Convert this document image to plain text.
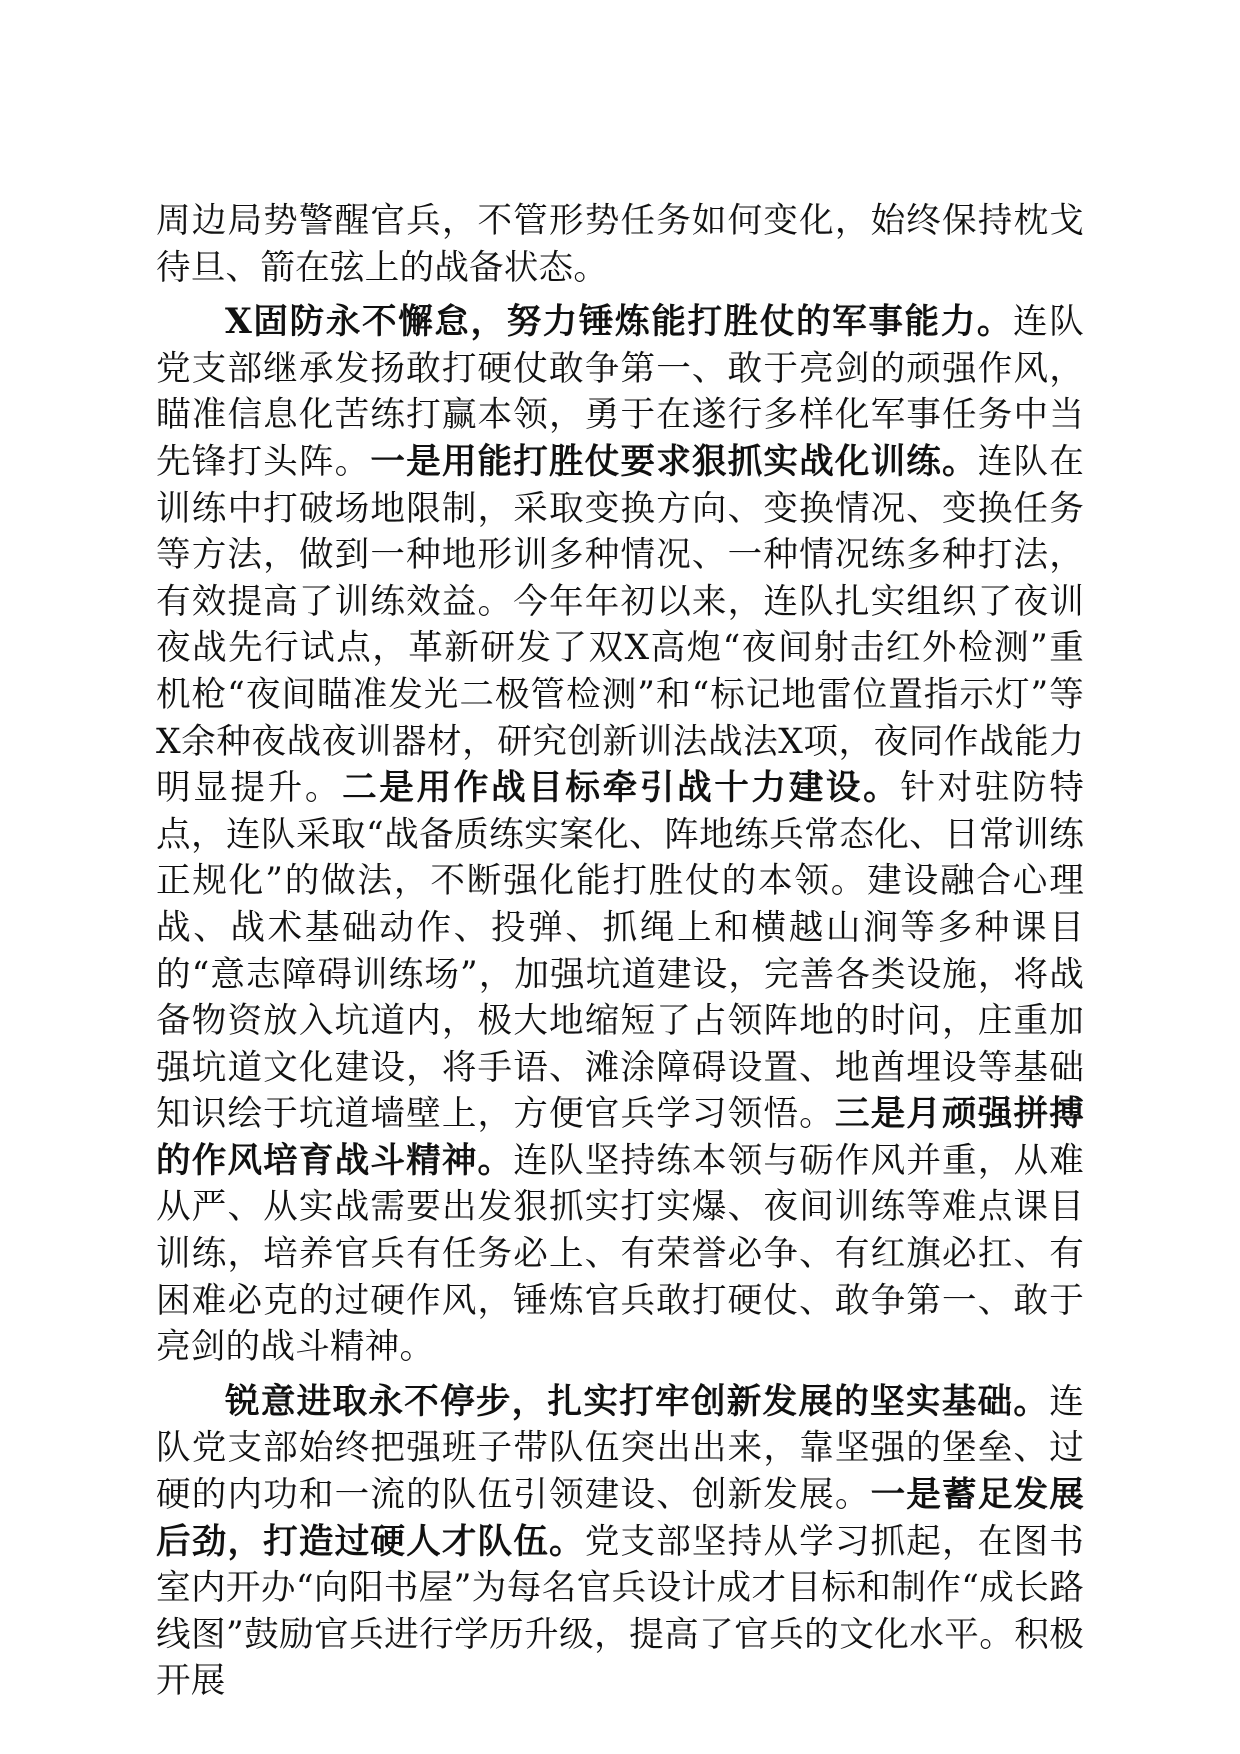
周边局势警醒官兵，不管形势任务如何变化，始终保持枕戈待旦、箭在弦上的战备状态。

X固防永不懈怠，努力锤炼能打胜仗的军事能力。连队党支部继承发扬敢打硬仗敢争第一、敢于亮剑的顽强作风，瞄准信息化苦练打赢本领，勇于在遂行多样化军事任务中当先锋打头阵。一是用能打胜仗要求狠抓实战化训练。连队在训练中打破场地限制，采取变换方向、变换情况、变换任务等方法，做到一种地形训多种情况、一种情况练多种打法，有效提高了训练效益。今年年初以来，连队扎实组织了夜训夜战先行试点，革新研发了双X高炮“夜间射击红外检测”重机枪“夜间瞄准发光二极管检测”和“标记地雷位置指示灯”等X余种夜战夜训器材，研究创新训法战法X项，夜同作战能力明显提升。二是用作战目标牵引战十力建设。针对驻防特点，连队采取“战备质练实案化、阵地练兵常态化、日常训练正规化”的做法，不断强化能打胜仗的本领。建设融合心理战、战术基础动作、投弹、抓绳上和横越山涧等多种课目的“意志障碍训练场”，加强坑道建设，完善各类设施，将战备物资放入坑道内，极大地缩短了占领阵地的时问，庄重加强坑道文化建设，将手语、滩涂障碍设置、地酋埋设等基础知识绘于坑道墙壁上，方便官兵学习领悟。三是月顽强拼搏的作风培育战斗精神。连队坚持练本领与砺作风并重，从难从严、从实战需要出发狠抓实打实爆、夜间训练等难点课目训练，培养官兵有任务必上、有荣誉必争、有红旗必扛、有困难必克的过硬作风，锤炼官兵敢打硬仗、敢争第一、敢于亮剑的战斗精神。

锐意进取永不停步，扎实打牢创新发展的坚实基础。连队党支部始终把强班子带队伍突出出来，靠坚强的堡垒、过硬的内功和一流的队伍引领建设、创新发展。一是蓄足发展后劲，打造过硬人才队伍。党支部坚持从学习抓起，在图书室内开办“向阳书屋”为每名官兵设计成才目标和制作“成长路线图”鼓励官兵进行学历升级，提高了官兵的文化水平。积极开展
